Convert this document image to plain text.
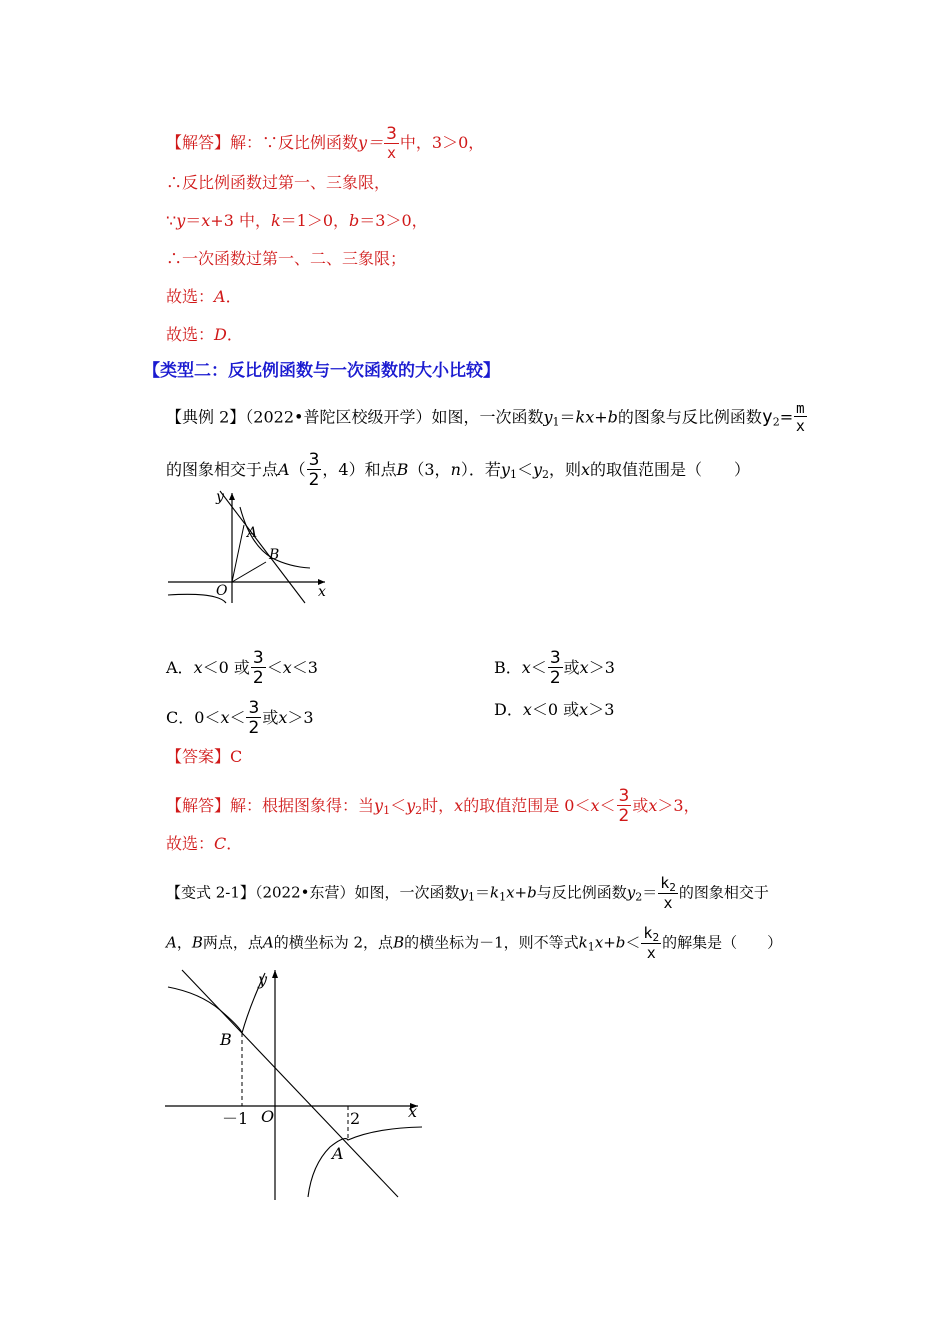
【解答】解：∵反比例函数$y= \frac{3}{x}$ 中，3＞0，
∴反比例函数过第一、三象限，
∵y＝x+3 中，k＝1＞0，b＝3＞0，
∴一次函数过第一、二、三象限；
故选：A．
故选：D．
【类型二：反比例函数与一次函数的大小比较】
【典例 2】（2022•普陀区校级开学）如图，一次函数$y_1=kx+b$的图象与反比例函数$y_2= \frac{m}{x}$
的图象相交于点$A( \frac{3}{2}$ ，4）和点B（3，n）．若$y_1<y_2$，则x的取值范围是（　　）
y
x
O
A
B
A．x＜0 或 $\frac{3}{2} <x<3$	B．$x< \frac{3}{2}$ 或x＞3
C．$0<x< \frac{3}{2}$ 或x＞3	D．x＜0 或x＞3
【答案】C
【解答】解：根据图象得：当$y_1<y_2$时，x的取值范围是 $0<x< \frac{3}{2}$ 或x＞3，
故选：C．
【变式 2-1】（2022•东营）如图，一次函数$y_1=k_1x+b$与反比例函数$y_2= \frac{k_2}{x}$ 的图象相交于
A，B两点，点A的横坐标为 2，点B的横坐标为－1，则不等式$k_1x+b< \frac{k_2}{x}$ 的解集是（　　）
y
x
O
－1	2
A
B
